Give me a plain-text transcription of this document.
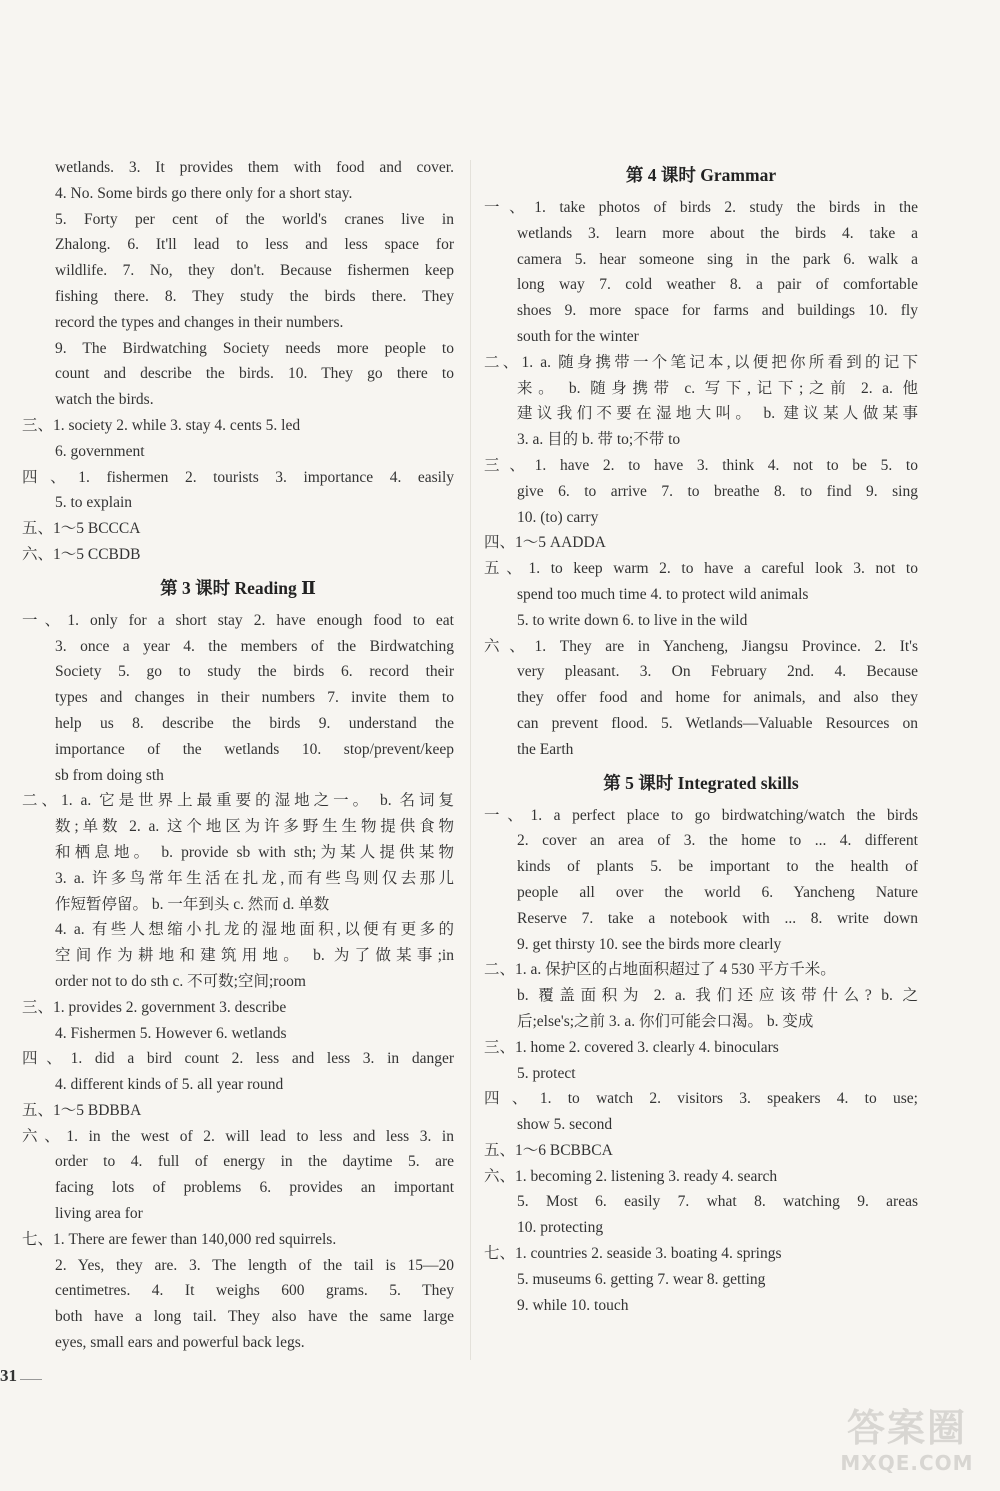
wetlands. 3. It provides them with food and cover.
4. No. Some birds go there only for a short stay.
5. Forty per cent of the world's cranes live in
Zhalong. 6. It'll lead to less and less space for
wildlife. 7. No, they don't. Because fishermen keep
fishing there. 8. They study the birds there. They
record the types and changes in their numbers.
9. The Birdwatching Society needs more people to
count and describe the birds. 10. They go there to
watch the birds.
三、1. society 2. while 3. stay 4. cents 5. led
6. government
四、1. fishermen 2. tourists 3. importance 4. easily
5. to explain
五、1～5 BCCCA
六、1～5 CCBDB
第 3 课时 Reading Ⅱ
一、1. only for a short stay 2. have enough food to eat
3. once a year 4. the members of the Birdwatching
Society 5. go to study the birds 6. record their
types and changes in their numbers 7. invite them to
help us 8. describe the birds 9. understand the
importance of the wetlands 10. stop/prevent/keep
sb from doing sth
二、1. a. 它是世界上最重要的湿地之一。 b. 名词复
数;单数 2. a. 这个地区为许多野生生物提供食物
和栖息地。 b. provide sb with sth;为某人提供某物
3. a. 许多鸟常年生活在扎龙,而有些鸟则仅去那儿
作短暂停留。 b. 一年到头 c. 然而 d. 单数
4. a. 有些人想缩小扎龙的湿地面积,以便有更多的
空间作为耕地和建筑用地。 b. 为了做某事;in
order not to do sth c. 不可数;空间;room
三、1. provides 2. government 3. describe
4. Fishermen 5. However 6. wetlands
四、1. did a bird count 2. less and less 3. in danger
4. different kinds of 5. all year round
五、1～5 BDBBA
六、1. in the west of 2. will lead to less and less 3. in
order to 4. full of energy in the daytime 5. are
facing lots of problems 6. provides an important
living area for
七、1. There are fewer than 140,000 red squirrels.
2. Yes, they are. 3. The length of the tail is 15—20
centimetres. 4. It weighs 600 grams. 5. They
both have a long tail. They also have the same large
eyes, small ears and powerful back legs.
第 4 课时 Grammar
一、1. take photos of birds 2. study the birds in the
wetlands 3. learn more about the birds 4. take a
camera 5. hear someone sing in the park 6. walk a
long way 7. cold weather 8. a pair of comfortable
shoes 9. more space for farms and buildings 10. fly
south for the winter
二、1. a. 随身携带一个笔记本,以便把你所看到的记下
来。 b. 随身携带 c. 写下,记下;之前 2. a. 他
建议我们不要在湿地大叫。 b. 建议某人做某事
3. a. 目的 b. 带 to;不带 to
三、1. have 2. to have 3. think 4. not to be 5. to
give 6. to arrive 7. to breathe 8. to find 9. sing
10. (to) carry
四、1～5 AADDA
五、1. to keep warm 2. to have a careful look 3. not to
spend too much time 4. to protect wild animals
5. to write down 6. to live in the wild
六、1. They are in Yancheng, Jiangsu Province. 2. It's
very pleasant. 3. On February 2nd. 4. Because
they offer food and home for animals, and also they
can prevent flood. 5. Wetlands—Valuable Resources on
the Earth
第 5 课时 Integrated skills
一、1. a perfect place to go birdwatching/watch the birds
2. cover an area of 3. the home to ... 4. different
kinds of plants 5. be important to the health of
people all over the world 6. Yancheng Nature
Reserve 7. take a notebook with ... 8. write down
9. get thirsty 10. see the birds more clearly
二、1. a. 保护区的占地面积超过了 4 530 平方千米。
b. 覆盖面积为 2. a. 我们还应该带什么? b. 之
后;else's;之前 3. a. 你们可能会口渴。 b. 变成
三、1. home 2. covered 3. clearly 4. binoculars
5. protect
四、1. to watch 2. visitors 3. speakers 4. to use;
show 5. second
五、1～6 BCBBCA
六、1. becoming 2. listening 3. ready 4. search
5. Most 6. easily 7. what 8. watching 9. areas
10. protecting
七、1. countries 2. seaside 3. boating 4. springs
5. museums 6. getting 7. wear 8. getting
9. while 10. touch
31
答案圈
MXQE.COM
